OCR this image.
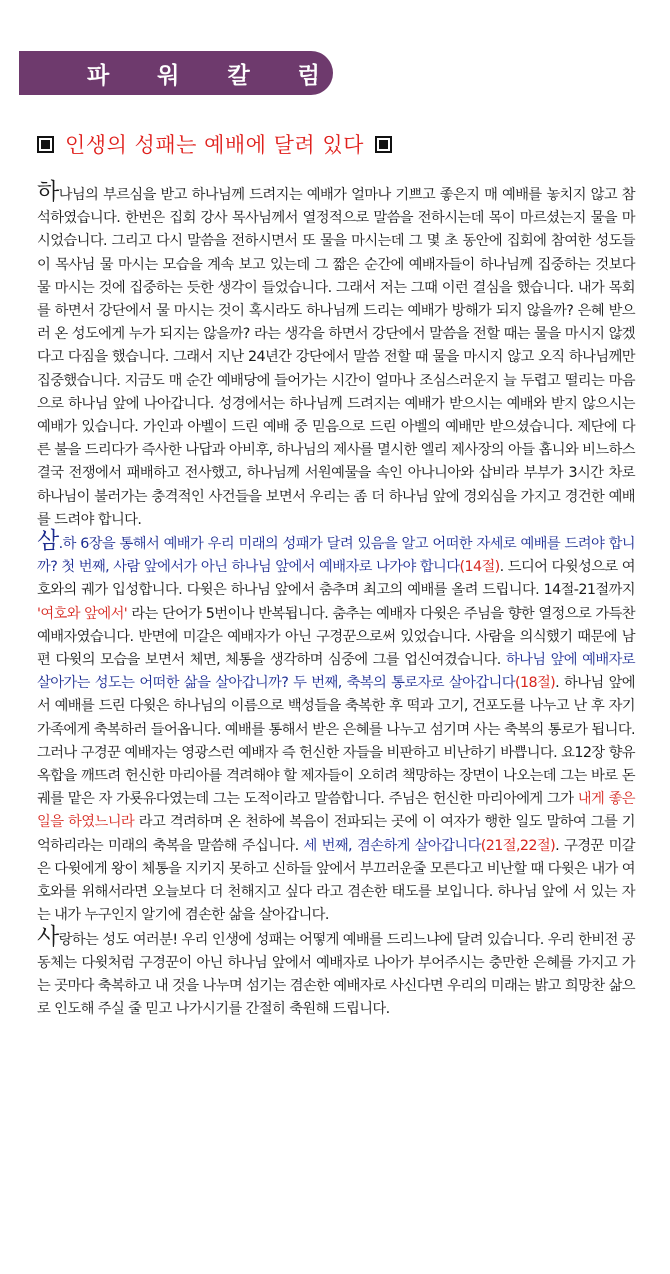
파 워 칼 럼
인생의 성패는 예배에 달려 있다

하나님의 부르심을 받고 하나님께 드려지는 예배가 얼마나 기쁘고 좋은지 매 예배를 놓치지 않고 참석하였습니다. 한번은 집회 강사 목사님께서 열정적으로 말씀을 전하시는데 목이 마르셨는지 물을 마시었습니다. 그리고 다시 말씀을 전하시면서 또 물을 마시는데 그 몇 초 동안에 집회에 참여한 성도들이 목사님 물 마시는 모습을 계속 보고 있는데 그 짧은 순간에 예배자들이 하나님께 집중하는 것보다 물 마시는 것에 집중하는 듯한 생각이 들었습니다. 그래서 저는 그때 이런 결심을 했습니다. 내가 목회를 하면서 강단에서 물 마시는 것이 혹시라도 하나님께 드리는 예배가 방해가 되지 않을까? 은혜 받으러 온 성도에게 누가 되지는 않을까? 라는 생각을 하면서 강단에서 말씀을 전할 때는 물을 마시지 않겠다고 다짐을 했습니다. 그래서 지난 24년간 강단에서 말씀 전할 때 물을 마시지 않고 오직 하나님께만 집중했습니다. 지금도 매 순간 예배당에 들어가는 시간이 얼마나 조심스러운지 늘 두렵고 떨리는 마음으로 하나님 앞에 나아갑니다. 성경에서는 하나님께 드려지는 예배가 받으시는 예배와 받지 않으시는 예배가 있습니다. 가인과 아벨이 드린 예배 중 믿음으로 드린 아벨의 예배만 받으셨습니다. 제단에 다른 불을 드리다가 즉사한 나답과 아비후, 하나님의 제사를 멸시한 엘리 제사장의 아들 홉니와 비느하스 결국 전쟁에서 패배하고 전사했고, 하나님께 서원예물을 속인 아나니아와 삽비라 부부가 3시간 차로 하나님이 불러가는 충격적인 사건들을 보면서 우리는 좀 더 하나님 앞에 경외심을 가지고 경건한 예배를 드려야 합니다.

삼.하 6장을 통해서 예배가 우리 미래의 성패가 달려 있음을 알고 어떠한 자세로 예배를 드려야 합니까? 첫 번째, 사람 앞에서가 아닌 하나님 앞에서 예배자로 나가야 합니다(14절). 드디어 다윗성으로 여호와의 궤가 입성합니다. 다윗은 하나님 앞에서 춤추며 최고의 예배를 올려 드립니다. 14절-21절까지 '여호와 앞에서' 라는 단어가 5번이나 반복됩니다. 춤추는 예배자 다윗은 주님을 향한 열정으로 가득찬 예배자였습니다. 반면에 미갈은 예배자가 아닌 구경꾼으로써 있었습니다. 사람을 의식했기 때문에 남편 다윗의 모습을 보면서 체면, 체통을 생각하며 심중에 그를 업신여겼습니다. 하나님 앞에 예배자로 살아가는 성도는 어떠한 삶을 살아갑니까? 두 번째, 축복의 통로자로 살아갑니다(18절). 하나님 앞에서 예배를 드린 다윗은 하나님의 이름으로 백성들을 축복한 후 떡과 고기, 건포도를 나누고 난 후 자기 가족에게 축복하러 들어옵니다. 예배를 통해서 받은 은혜를 나누고 섬기며 사는 축복의 통로가 됩니다. 그러나 구경꾼 예배자는 영광스런 예배자 즉 헌신한 자들을 비판하고 비난하기 바쁩니다. 요12장 향유옥합을 깨뜨려 헌신한 마리아를 격려해야 할 제자들이 오히려 책망하는 장면이 나오는데 그는 바로 돈궤를 맡은 자 가룟유다였는데 그는 도적이라고 말씀합니다. 주님은 헌신한 마리아에게 그가 내게 좋은 일을 하였느니라 라고 격려하며 온 천하에 복음이 전파되는 곳에 이 여자가 행한 일도 말하여 그를 기억하리라는 미래의 축복을 말씀해 주십니다. 세 번째, 겸손하게 살아갑니다(21절,22절). 구경꾼 미갈은 다윗에게 왕이 체통을 지키지 못하고 신하들 앞에서 부끄러운줄 모른다고 비난할 때 다윗은 내가 여호와를 위해서라면 오늘보다 더 천해지고 싶다 라고 겸손한 태도를 보입니다. 하나님 앞에 서 있는 자는 내가 누구인지 알기에 겸손한 삶을 살아갑니다.

사랑하는 성도 여러분! 우리 인생에 성패는 어떻게 예배를 드리느냐에 달려 있습니다. 우리 한비전 공동체는 다윗처럼 구경꾼이 아닌 하나님 앞에서 예배자로 나아가 부어주시는 충만한 은혜를 가지고 가는 곳마다 축복하고 내 것을 나누며 섬기는 겸손한 예배자로 사신다면 우리의 미래는 밝고 희망찬 삶으로 인도해 주실 줄 믿고 나가시기를 간절히 축원해 드립니다.
